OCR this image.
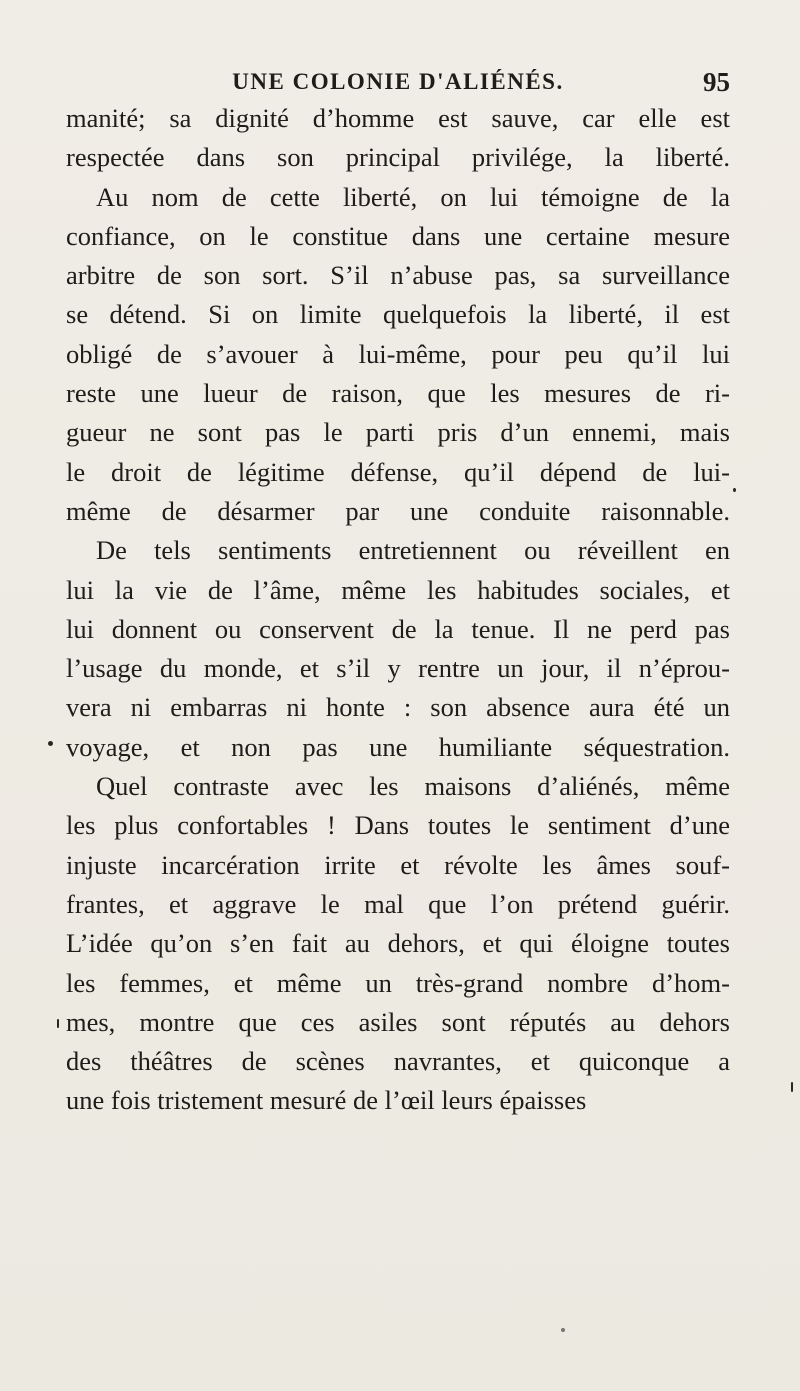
UNE COLONIE D'ALIÉNÉS.	95
manité; sa dignité d’homme est sauve, car elle est
respectée dans son principal privilége, la liberté.
Au nom de cette liberté, on lui témoigne de la
confiance, on le constitue dans une certaine mesure
arbitre de son sort. S’il n’abuse pas, sa surveillance
se détend. Si on limite quelquefois la liberté, il est
obligé de s’avouer à lui-même, pour peu qu’il lui
reste une lueur de raison, que les mesures de ri-
gueur ne sont pas le parti pris d’un ennemi, mais
le droit de légitime défense, qu’il dépend de lui-
même de désarmer par une conduite raisonnable.
De tels sentiments entretiennent ou réveillent en
lui la vie de l’âme, même les habitudes sociales, et
lui donnent ou conservent de la tenue. Il ne perd pas
l’usage du monde, et s’il y rentre un jour, il n’éprou-
vera ni embarras ni honte : son absence aura été un
voyage, et non pas une humiliante séquestration.
Quel contraste avec les maisons d’aliénés, même
les plus confortables ! Dans toutes le sentiment d’une
injuste incarcération irrite et révolte les âmes souf-
frantes, et aggrave le mal que l’on prétend guérir.
L’idée qu’on s’en fait au dehors, et qui éloigne toutes
les femmes, et même un très-grand nombre d’hom-
mes, montre que ces asiles sont réputés au dehors
des théâtres de scènes navrantes, et quiconque a
une fois tristement mesuré de l’œil leurs épaisses
